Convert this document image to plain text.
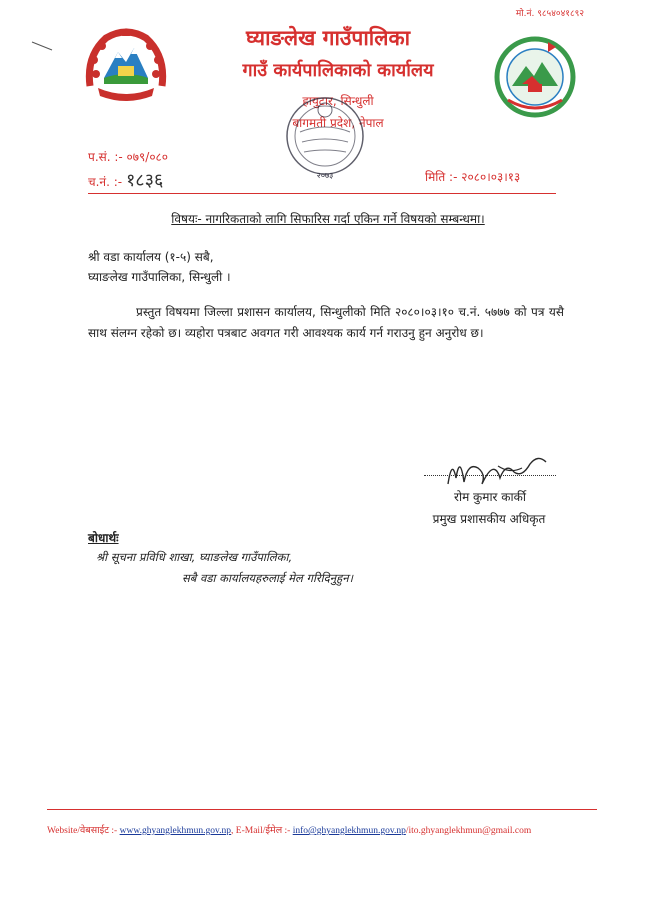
मो.नं. ९८५४०४१८९२
घ्याङलेख गाउँपालिका
गाउँ कार्यपालिकाको कार्यालय
हायुटार, सिन्धुली
बागमती प्रदेश, नेपाल
२०७३
प.सं. :- ०७९/०८०
च.नं. :- १८३६	मिति :- २०८०।०३।१३
विषयः- नागरिकताको लागि सिफारिस गर्दा एकिन गर्ने विषयको सम्बन्धमा।
श्री वडा कार्यालय (१-५) सबै,
घ्याङलेख गाउँपालिका, सिन्धुली ।
प्रस्तुत विषयमा जिल्ला प्रशासन कार्यालय, सिन्धुलीको मिति २०८०।०३।१० च.नं. ५७७७ को पत्र यसै साथ संलग्न रहेको छ। व्यहोरा पत्रबाट अवगत गरी आवश्यक कार्य गर्न गराउनु हुन अनुरोध छ।
रोम कुमार कार्की
प्रमुख प्रशासकीय अधिकृत
बोधार्थः
श्री सूचना प्रविधि शाखा, घ्याङलेख गाउँपालिका,
सबै वडा कार्यालयहरुलाई मेल गरिदिनुहुन।
Website/वेबसाईट :- www.ghyanglekhmun.gov.np, E-Mail/ईमेल :- info@ghyanglekhmun.gov.np/ito.ghyanglekhmun@gmail.com
